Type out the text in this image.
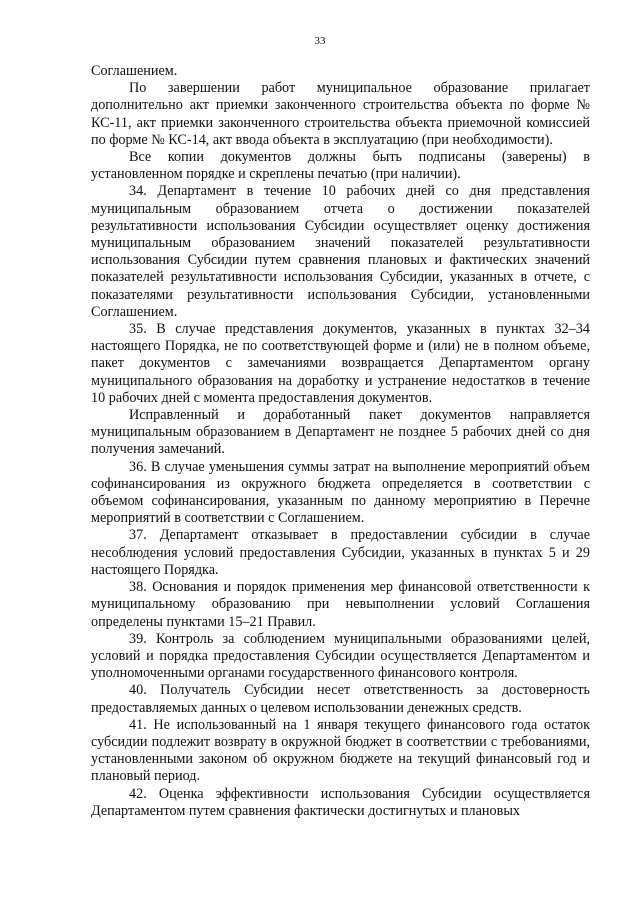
33

Соглашением.

По завершении работ муниципальное образование прилагает дополнительно акт приемки законченного строительства объекта по форме № КС-11, акт приемки законченного строительства объекта приемочной комиссией по форме № КС-14, акт ввода объекта в эксплуатацию (при необходимости).

Все копии документов должны быть подписаны (заверены) в установленном порядке и скреплены печатью (при наличии).

34. Департамент в течение 10 рабочих дней со дня представления муниципальным образованием отчета о достижении показателей результативности использования Субсидии осуществляет оценку достижения муниципальным образованием значений показателей результативности использования Субсидии путем сравнения плановых и фактических значений показателей результативности использования Субсидии, указанных в отчете, с показателями результативности использования Субсидии, установленными Соглашением.

35. В случае представления документов, указанных в пунктах 32–34 настоящего Порядка, не по соответствующей форме и (или) не в полном объеме, пакет документов с замечаниями возвращается Департаментом органу муниципального образования на доработку и устранение недостатков в течение 10 рабочих дней с момента предоставления документов.

Исправленный и доработанный пакет документов направляется муниципальным образованием в Департамент не позднее 5 рабочих дней со дня получения замечаний.

36. В случае уменьшения суммы затрат на выполнение мероприятий объем софинансирования из окружного бюджета определяется в соответствии с объемом софинансирования, указанным по данному мероприятию в Перечне мероприятий в соответствии с Соглашением.

37. Департамент отказывает в предоставлении субсидии в случае несоблюдения условий предоставления Субсидии, указанных в пунктах 5 и 29 настоящего Порядка.

38. Основания и порядок применения мер финансовой ответственности к муниципальному образованию при невыполнении условий Соглашения определены пунктами 15–21 Правил.

39. Контроль за соблюдением муниципальными образованиями целей, условий и порядка предоставления Субсидии осуществляется Департаментом и уполномоченными органами государственного финансового контроля.

40. Получатель Субсидии несет ответственность за достоверность предоставляемых данных о целевом использовании денежных средств.

41. Не использованный на 1 января текущего финансового года остаток субсидии подлежит возврату в окружной бюджет в соответствии с требованиями, установленными законом об окружном бюджете на текущий финансовый год и плановый период.

42. Оценка эффективности использования Субсидии осуществляется Департаментом путем сравнения фактически достигнутых и плановых
